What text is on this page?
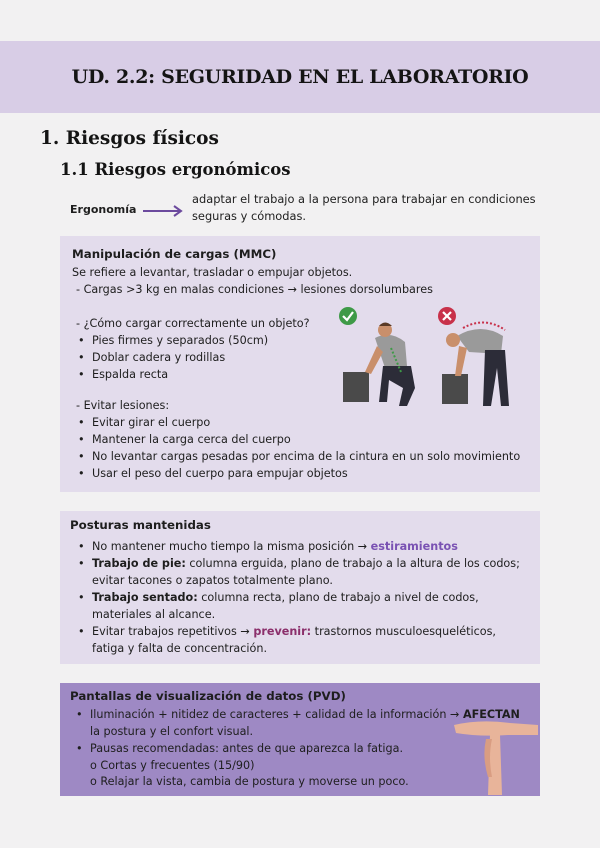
UD. 2.2: SEGURIDAD EN EL LABORATORIO
1. Riesgos físicos
1.1 Riesgos ergonómicos
Ergonomía
adaptar el trabajo a la persona para trabajar en condiciones
seguras y cómodas.
Manipulación de cargas (MMC)
Se refiere a levantar, trasladar o empujar objetos.
- Cargas >3 kg en malas condiciones → lesiones dorsolumbares
- ¿Cómo cargar correctamente un objeto?
• Pies firmes y separados (50cm)
• Doblar cadera y rodillas
• Espalda recta
- Evitar lesiones:
• Evitar girar el cuerpo
• Mantener la carga cerca del cuerpo
• No levantar cargas pesadas por encima de la cintura en un solo movimiento
• Usar el peso del cuerpo para empujar objetos
Posturas mantenidas
• No mantener mucho tiempo la misma posición → estiramientos
• Trabajo de pie: columna erguida, plano de trabajo a la altura de los codos;
evitar tacones o zapatos totalmente plano.
• Trabajo sentado: columna recta, plano de trabajo a nivel de codos,
materiales al alcance.
• Evitar trabajos repetitivos → prevenir: trastornos musculoesqueléticos,
fatiga y falta de concentración.
Pantallas de visualización de datos (PVD)
• Iluminación + nitidez de caracteres + calidad de la información → AFECTAN
la postura y el confort visual.
• Pausas recomendadas: antes de que aparezca la fatiga.
o Cortas y frecuentes (15/90)
o Relajar la vista, cambia de postura y moverse un poco.
